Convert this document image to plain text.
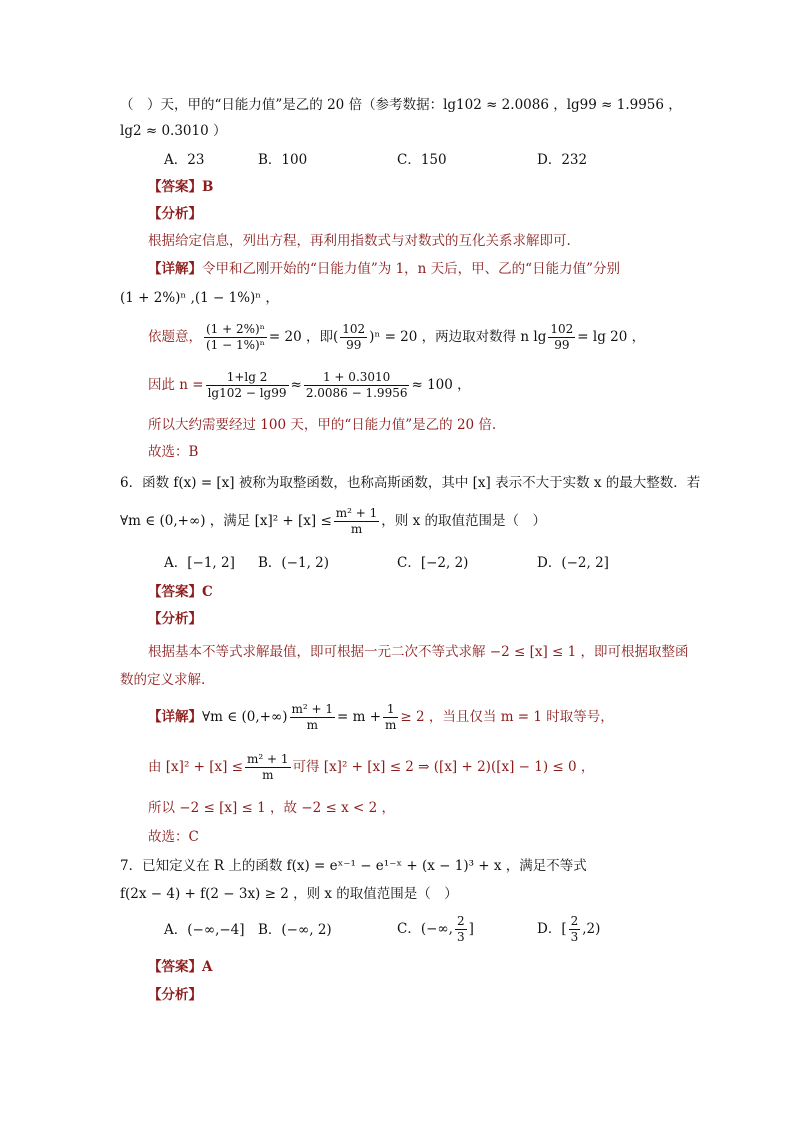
（　）天，甲的“日能力值”是乙的 20 倍（参考数据：lg102 ≈ 2.0086 ，lg99 ≈ 1.9956 ，
lg2 ≈ 0.3010 ）
A．23	B．100	C．150	D．232
【答案】B
【分析】
根据给定信息，列出方程，再利用指数式与对数式的互化关系求解即可.
【详解】令甲和乙刚开始的“日能力值”为 1，n 天后，甲、乙的“日能力值”分别
(1 + 2%)ⁿ ,(1 − 1%)ⁿ ，
依题意， $\frac{\text{(1 + 2\%)ⁿ}}{\text{(1 − 1\%)ⁿ}} = 20$ ，即( $\frac{102}{99} )^n = 20$ ，两边取对数得 n $\lg \frac{102}{99} = \lg 20$ ，
因此 $n = \frac{1+\lg 2}{\lg 102 - \lg 99} \approx \frac{1 + 0.3010}{2.0086 - 1.9956} \approx 100$ ，
所以大约需要经过 100 天，甲的“日能力值”是乙的 20 倍.
故选：B
6．函数 f(x) = [x] 被称为取整函数，也称高斯函数，其中 [x] 表示不大于实数 x 的最大整数．若
∀m ∈ (0,+∞) ，满足 $[x]^2 + [x] \le \frac{\text{m² + 1}}{m}$ ，则 x 的取值范围是（　）
A．[−1, 2] B．(−1, 2)	C．[−2, 2)	D．(−2, 2]
【答案】C
【分析】
根据基本不等式求解最值，即可根据一元二次不等式求解 −2 ≤ [x] ≤ 1 ，即可根据取整函
数的定义求解.
【详解】∀m ∈ $(0,+\infty) \frac{\text{m² + 1}}{m} = m + \frac{1}{m} \ge 2$ ，当且仅当 m = 1 时取等号，
由 $[x]^2 + [x] \le \frac{\text{m² + 1}}{m}$ 可得 [x]² + [x] ≤ 2 ⇒ ([x] + 2)([x] − 1) ≤ 0 ，
所以 −2 ≤ [x] ≤ 1 ，故 −2 ≤ x < 2 ，
故选：C
7．已知定义在 R 上的函数 f(x) = eˣ⁻¹ − e¹⁻ˣ + (x − 1)³ + x ，满足不等式
f(2x − 4) + f(2 − 3x) ≥ 2 ，则 x 的取值范围是（　）
A．(−∞,−4] B．(−∞, 2)	C．(−∞, $\frac{2}{3}$ ]	D．[ $\frac{2}{3} ,2$)
【答案】A
【分析】
